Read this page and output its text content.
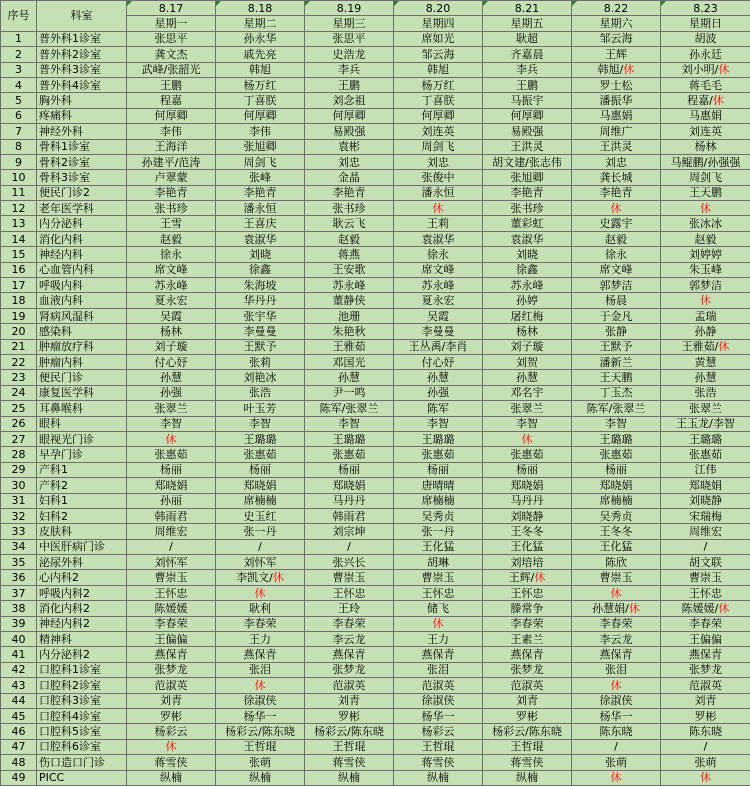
序号	科室	8.17	8.18	8.19	8.20	8.21	8.22	8.23
		星期一	星期二	星期三	星期四	星期五	星期六	星期日
1	普外科1诊室	张思平	孙永华	张思平	席如光	耿超	邹云海	胡波
2	普外科2诊室	龚文杰	戚先亮	史浩龙	邹云海	齐嘉晨	王辉	孙永廷
3	普外科3诊室	武峰/张韶光	韩旭	李兵	韩旭	李兵	韩旭/休	刘小明/休
4	普外科4诊室	王鹏	杨万红	王鹏	杨万红	王鹏	罗士松	蒋毛毛
5	胸外科	程嘉	丁喜朕	刘念祖	丁喜朕	马振宇	潘振华	程嘉/休
6	疼痛科	何厚卿	何厚卿	何厚卿	何厚卿	何厚卿	马惠娟	马惠娟
7	神经外科	李伟	李伟	易殿强	刘连英	易殿强	周维广	刘连英
8	骨科1诊室	王海洋	张旭卿	袁彬	周剑飞	王洪灵	王洪灵	杨林
9	骨科2诊室	孙建平/范涛	周剑飞	刘忠	刘忠	胡文建/张志伟	刘忠	马鲲鹏/孙强强
10	骨科3诊室	卢翠蒙	张峰	金晶	张俊中	张旭卿	龚长城	周剑飞
11	便民门诊2	李艳青	李艳青	李艳青	潘永恒	李艳青	李艳青	王天鹏
12	老年医学科	张书珍	潘永恒	张书珍	休	张书珍	休	休
13	内分泌科	王雪	王喜庆	耿云飞	王莉	董彩虹	史露宇	张冰冰
14	消化内科	赵毅	袁淑华	赵毅	袁淑华	袁淑华	赵毅	赵毅
15	神经内科	徐永	刘晓	蒋燕	徐永	刘晓	徐永	刘婷婷
16	心血管内科	席文峰	徐鑫	王安歌	席文峰	徐鑫	席文峰	朱玉峰
17	呼吸内科	苏永峰	朱海坡	苏永峰	苏永峰	苏永峰	郭梦洁	郭梦洁
18	血液内科	夏永宏	华丹丹	董静侠	夏永宏	孙婷	杨晨	休
19	肾病风湿科	吴霞	张宇华	池珊	吴霞	屠红梅	于金凡	孟瑞
20	感染科	杨林	李曼曼	朱艳秋	李曼曼	杨林	张静	孙静
21	肿瘤放疗科	刘子璇	王默予	王雅茹	王丛禹/李肖	刘子璇	王默予	王雅茹/休
22	肿瘤内科	付心妤	张莉	邓国光	付心妤	刘贺	潘新兰	黄慧
23	便民门诊	孙慧	刘艳冰	孙慧	孙慧	孙慧	王天鹏	孙慧
24	康复医学科	孙强	张浩	尹一鸣	孙强	邓名宇	丁玉杰	张浩
25	耳鼻喉科	张翠兰	叶玉芳	陈军/张翠兰	陈军	张翠兰	陈军/张翠兰	张翠兰
26	眼科	李智	李智	李智	李智	李智	李智	王玉龙/李智
27	眼视光门诊	休	王璐璐	王璐璐	王璐璐	休	王璐璐	王璐璐
28	早孕门诊	张惠茹	张惠茹	张惠茹	张惠茹	张惠茹	张惠茹	张惠茹
29	产科1	杨丽	杨丽	杨丽	杨丽	杨丽	杨丽	江伟
30	产科2	郑晓娟	郑晓娟	郑晓娟	唐晴晴	郑晓娟	郑晓娟	郑晓娟
31	妇科1	孙丽	席楠楠	马丹丹	席楠楠	马丹丹	席楠楠	刘晓静
32	妇科2	韩雨君	史玉红	韩雨君	吴秀贞	刘晓静	吴秀贞	宋瑞梅
33	皮肤科	周维宏	张一丹	刘宗坤	张一丹	王冬冬	王冬冬	周维宏
34	中医肝病门诊	/	/	/	王化猛	王化猛	王化猛	/
35	泌尿外科	刘怀军	刘怀军	张兴长	胡琳	刘培培	陈欣	胡文联
36	心内科2	曹崇玉	李凯文/休	曹崇玉	曹崇玉	王辉/休	曹崇玉	曹崇玉
37	呼吸内科2	王怀忠	休	王怀忠	王怀忠	王怀忠	休	王怀忠
38	消化内科2	陈媛媛	耿利	王玲	储飞	滕常争	孙慧娟/休	陈媛媛/休
39	神经内科2	李春荣	李春荣	李春荣	休	李春荣	李春荣	李春荣
40	精神科	王偏偏	王力	李云龙	王力	王素兰	李云龙	王偏偏
41	内分泌科2	燕保青	燕保青	燕保青	燕保青	燕保青	燕保青	燕保青
42	口腔科1诊室	张梦龙	张泪	张梦龙	张泪	张梦龙	张泪	张梦龙
43	口腔科2诊室	范淑英	休	范淑英	范淑英	范淑英	休	范淑英
44	口腔科3诊室	刘青	徐淑侠	刘青	徐淑侠	刘青	徐淑侠	刘青
45	口腔科4诊室	罗彬	杨华一	罗彬	杨华一	罗彬	杨华一	罗彬
46	口腔科5诊室	杨彩云	杨彩云/陈东晓	杨彩云/陈东晓	杨彩云	杨彩云/陈东晓	陈东晓	陈东晓
47	口腔科6诊室	休	王哲琨	王哲琨	王哲琨	王哲琨	/	/
48	伤口造口门诊	蒋雪侠	张萌	蒋雪侠	蒋雪侠	蒋雪侠	张萌	张萌
49	PICC	纵楠	纵楠	纵楠	纵楠	纵楠	休	休
